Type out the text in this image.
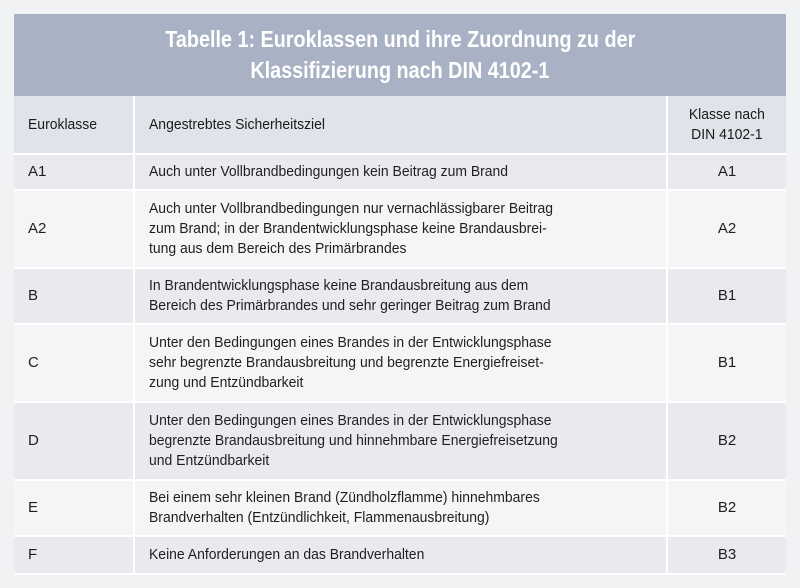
Tabelle 1: Euroklassen und ihre Zuordnung zu der
Klassifizierung nach DIN 4102-1
Euroklasse	Angestrebtes Sicherheitsziel	Klasse nach
DIN 4102-1
A1	Auch unter Vollbrandbedingungen kein Beitrag zum Brand	A1
A2	Auch unter Vollbrandbedingungen nur vernachlässigbarer Beitrag
zum Brand; in der Brandentwicklungsphase keine Brandausbrei-
tung aus dem Bereich des Primärbrandes	A2
B	In Brandentwicklungsphase keine Brandausbreitung aus dem
Bereich des Primärbrandes und sehr geringer Beitrag zum Brand	B1
C	Unter den Bedingungen eines Brandes in der Entwicklungsphase
sehr begrenzte Brandausbreitung und begrenzte Energiefreiset-
zung und Entzündbarkeit	B1
D	Unter den Bedingungen eines Brandes in der Entwicklungsphase
begrenzte Brandausbreitung und hinnehmbare Energiefreisetzung
und Entzündbarkeit	B2
E	Bei einem sehr kleinen Brand (Zündholzflamme) hinnehmbares
Brandverhalten (Entzündlichkeit, Flammenausbreitung)	B2
F	Keine Anforderungen an das Brandverhalten	B3
